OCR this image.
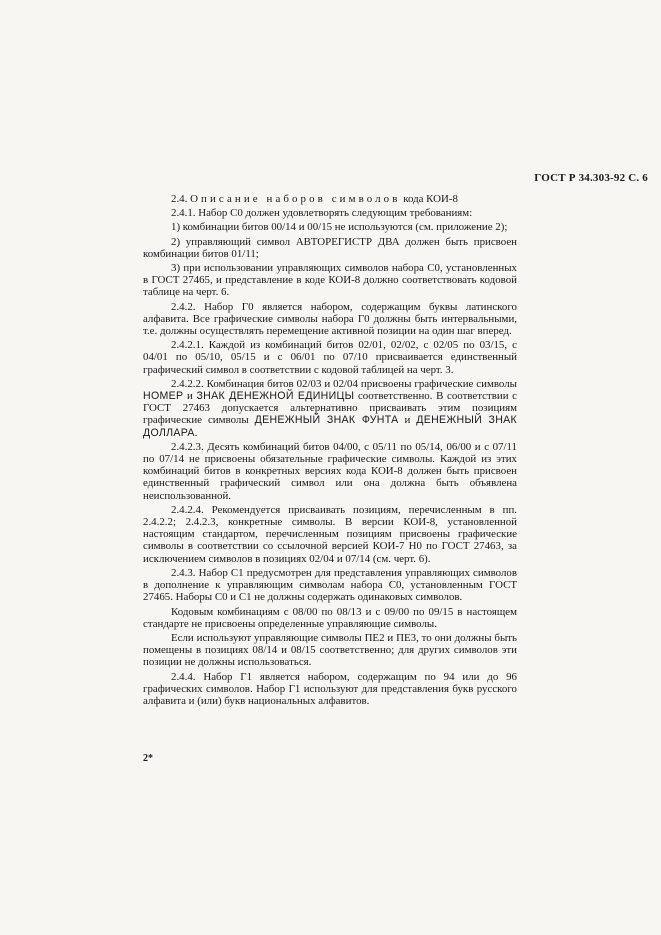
ГОСТ Р 34.303-92 С. 6

2.4. Описание наборов символов кода КОИ-8

2.4.1. Набор С0 должен удовлетворять следующим требованиям:

1) комбинации битов 00/14 и 00/15 не используются (см. приложение 2);

2) управляющий символ АВТОРЕГИСТР ДВА должен быть присвоен комбинации битов 01/11;

3) при использовании управляющих символов набора С0, установленных в ГОСТ 27465, и представление в коде КОИ-8 должно соответствовать кодовой таблице на черт. 6.

2.4.2. Набор Г0 является набором, содержащим буквы латинского алфавита. Все графические символы набора Г0 должны быть интервальными, т.е. должны осуществлять перемещение активной позиции на один шаг вперед.

2.4.2.1. Каждой из комбинаций битов 02/01, 02/02, с 02/05 по 03/15, с 04/01 по 05/10, 05/15 и с 06/01 по 07/10 присваивается единственный графический символ в соответствии с кодовой таблицей на черт. 3.

2.4.2.2. Комбинация битов 02/03 и 02/04 присвоены графические символы НОМЕР и ЗНАК ДЕНЕЖНОЙ ЕДИНИЦЫ соответственно. В соответствии с ГОСТ 27463 допускается альтернативно присваивать этим позициям графические символы ДЕНЕЖНЫЙ ЗНАК ФУНТА и ДЕНЕЖНЫЙ ЗНАК ДОЛЛАРА.

2.4.2.3. Десять комбинаций битов 04/00, с 05/11 по 05/14, 06/00 и с 07/11 по 07/14 не присвоены обязательные графические символы. Каждой из этих комбинаций битов в конкретных версиях кода КОИ-8 должен быть присвоен единственный графический символ или она должна быть объявлена неиспользованной.

2.4.2.4. Рекомендуется присваивать позициям, перечисленным в пп. 2.4.2.2; 2.4.2.3, конкретные символы. В версии КОИ-8, установленной настоящим стандартом, перечисленным позициям присвоены графические символы в соответствии со ссылочной версией КОИ-7 Н0 по ГОСТ 27463, за исключением символов в позициях 02/04 и 07/14 (см. черт. 6).

2.4.3. Набор С1 предусмотрен для представления управляющих символов в дополнение к управляющим символам набора С0, установленным ГОСТ 27465. Наборы С0 и С1 не должны содержать одинаковых символов.

Кодовым комбинациям с 08/00 по 08/13 и с 09/00 по 09/15 в настоящем стандарте не присвоены определенные управляющие символы.

Если используют управляющие символы ПЕ2 и ПЕ3, то они должны быть помещены в позициях 08/14 и 08/15 соответственно; для других символов эти позиции не должны использоваться.

2.4.4. Набор Г1 является набором, содержащим по 94 или до 96 графических символов. Набор Г1 используют для представления букв русского алфавита и (или) букв национальных алфавитов.

2*
